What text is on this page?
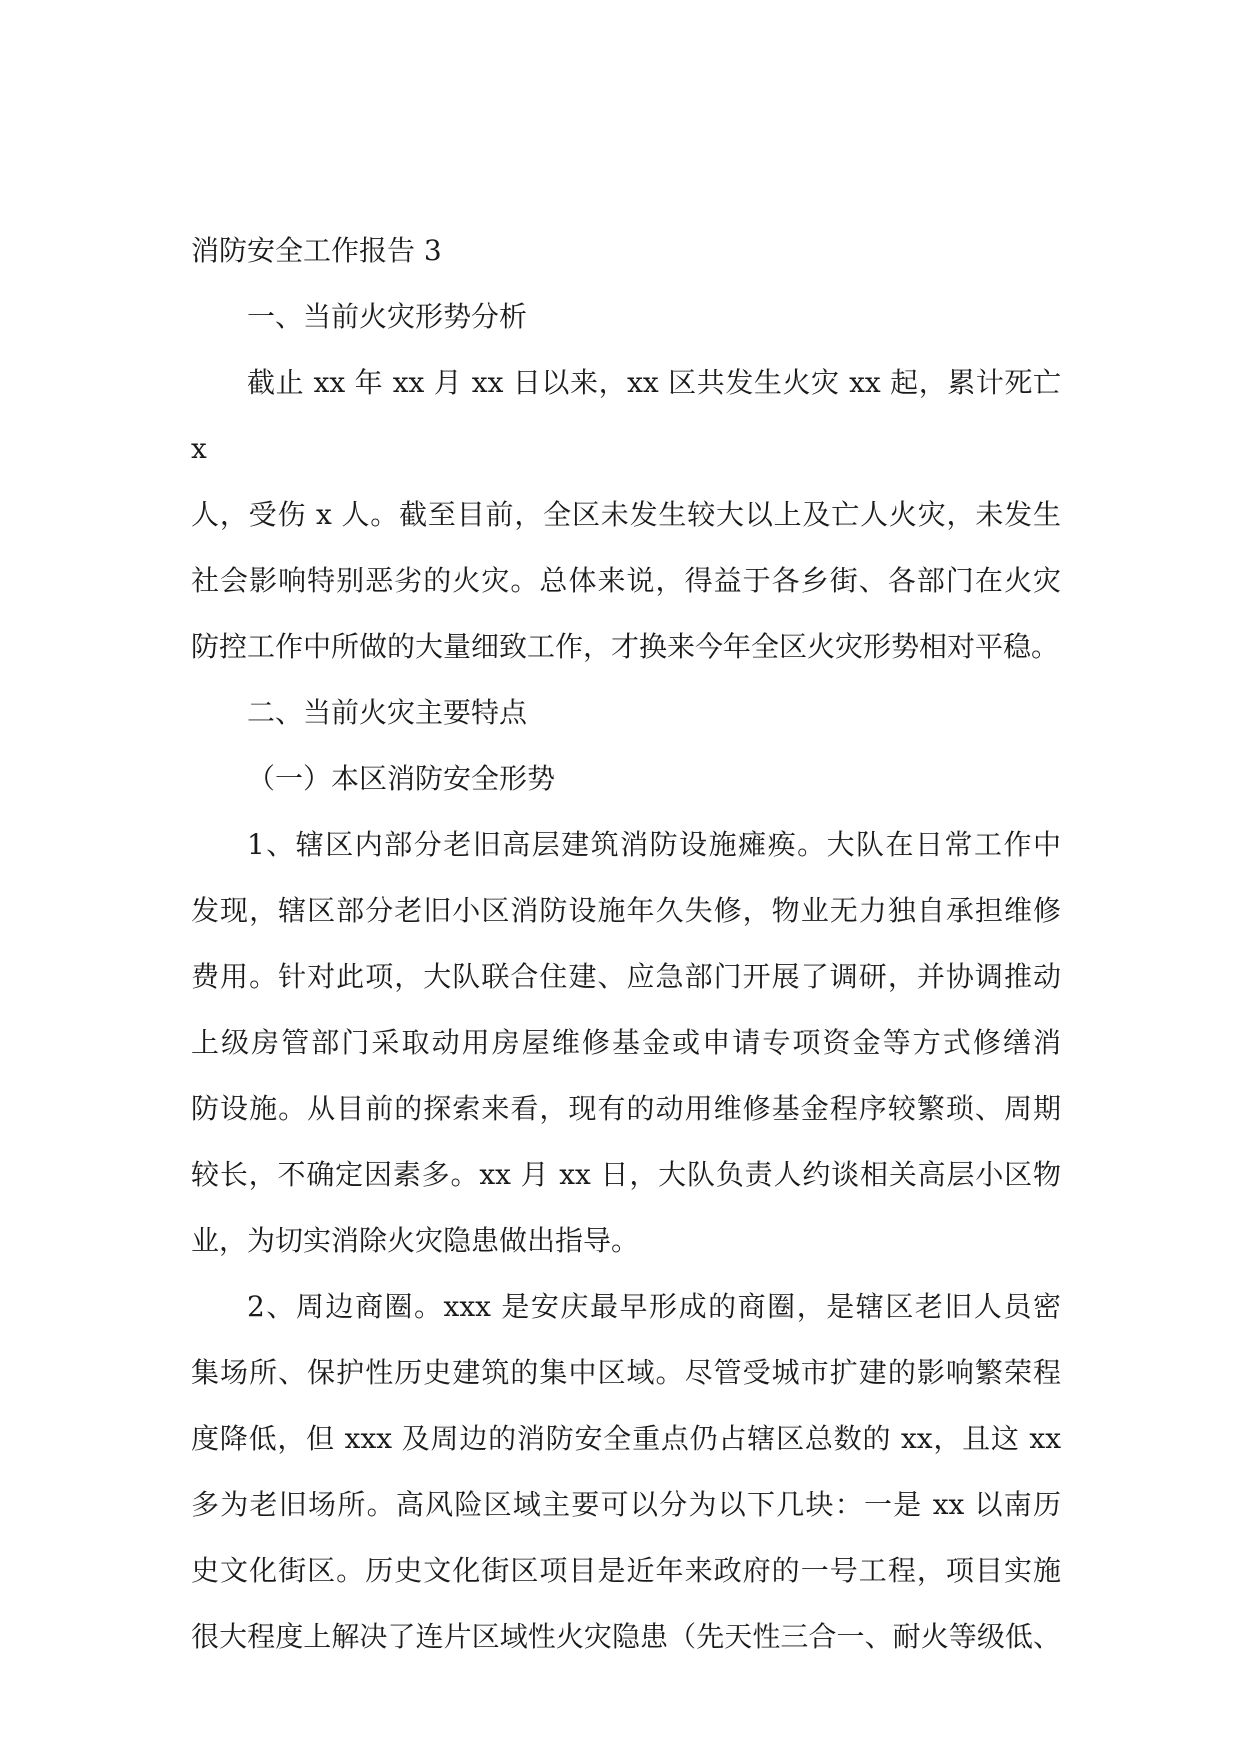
消防安全工作报告 3
一、当前火灾形势分析
截止 xx 年 xx 月 xx 日以来，xx 区共发生火灾 xx 起，累计死亡 x
人，受伤 x 人。截至目前，全区未发生较大以上及亡人火灾，未发生
社会影响特别恶劣的火灾。总体来说，得益于各乡街、各部门在火灾
防控工作中所做的大量细致工作，才换来今年全区火灾形势相对平稳。
二、当前火灾主要特点
（一）本区消防安全形势
1、辖区内部分老旧高层建筑消防设施瘫痪。大队在日常工作中
发现，辖区部分老旧小区消防设施年久失修，物业无力独自承担维修
费用。针对此项，大队联合住建、应急部门开展了调研，并协调推动
上级房管部门采取动用房屋维修基金或申请专项资金等方式修缮消
防设施。从目前的探索来看，现有的动用维修基金程序较繁琐、周期
较长，不确定因素多。xx 月 xx 日，大队负责人约谈相关高层小区物
业，为切实消除火灾隐患做出指导。
2、周边商圈。xxx 是安庆最早形成的商圈，是辖区老旧人员密
集场所、保护性历史建筑的集中区域。尽管受城市扩建的影响繁荣程
度降低，但 xxx 及周边的消防安全重点仍占辖区总数的 xx，且这 xx
多为老旧场所。高风险区域主要可以分为以下几块：一是 xx 以南历
史文化街区。历史文化街区项目是近年来政府的一号工程，项目实施
很大程度上解决了连片区域性火灾隐患（先天性三合一、耐火等级低、
